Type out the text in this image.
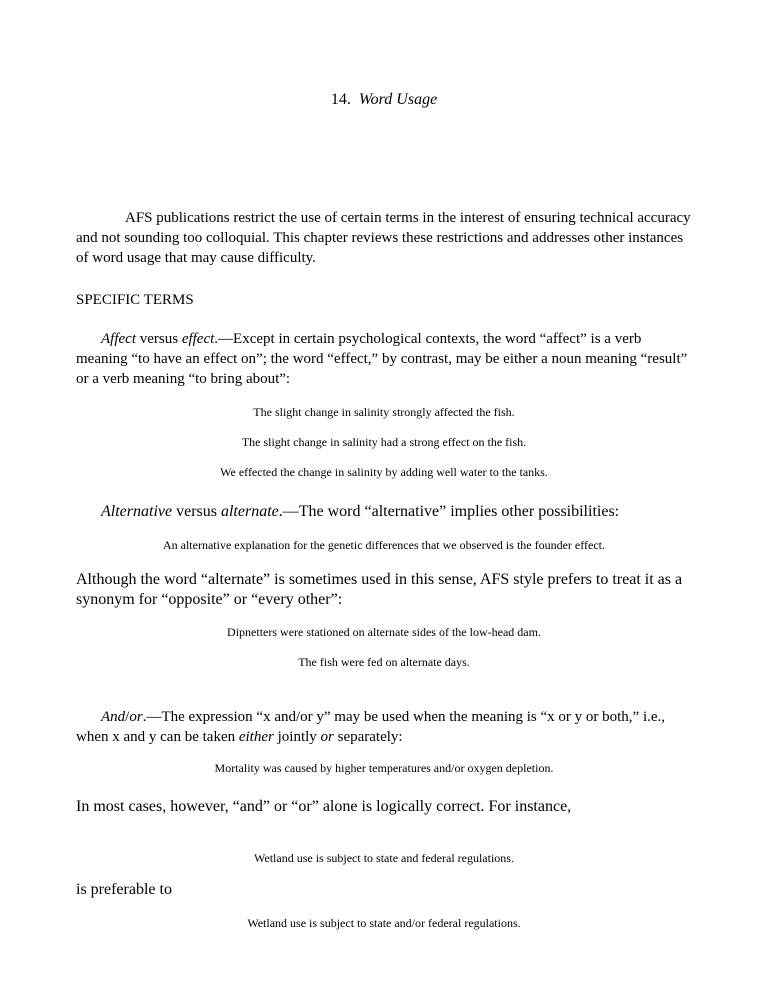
14. Word Usage
AFS publications restrict the use of certain terms in the interest of ensuring technical accuracy and not sounding too colloquial. This chapter reviews these restrictions and addresses other instances of word usage that may cause difficulty.
SPECIFIC TERMS
Affect versus effect.—Except in certain psychological contexts, the word “affect” is a verb meaning “to have an effect on”; the word “effect,” by contrast, may be either a noun meaning “result” or a verb meaning “to bring about”:
The slight change in salinity strongly affected the fish.
The slight change in salinity had a strong effect on the fish.
We effected the change in salinity by adding well water to the tanks.
Alternative versus alternate.—The word “alternative” implies other possibilities:
An alternative explanation for the genetic differences that we observed is the founder effect.
Although the word “alternate” is sometimes used in this sense, AFS style prefers to treat it as a synonym for “opposite” or “every other”:
Dipnetters were stationed on alternate sides of the low-head dam.
The fish were fed on alternate days.
And/or.—The expression “x and/or y” may be used when the meaning is “x or y or both,” i.e., when x and y can be taken either jointly or separately:
Mortality was caused by higher temperatures and/or oxygen depletion.
In most cases, however, “and” or “or” alone is logically correct. For instance,
Wetland use is subject to state and federal regulations.
is preferable to
Wetland use is subject to state and/or federal regulations.
